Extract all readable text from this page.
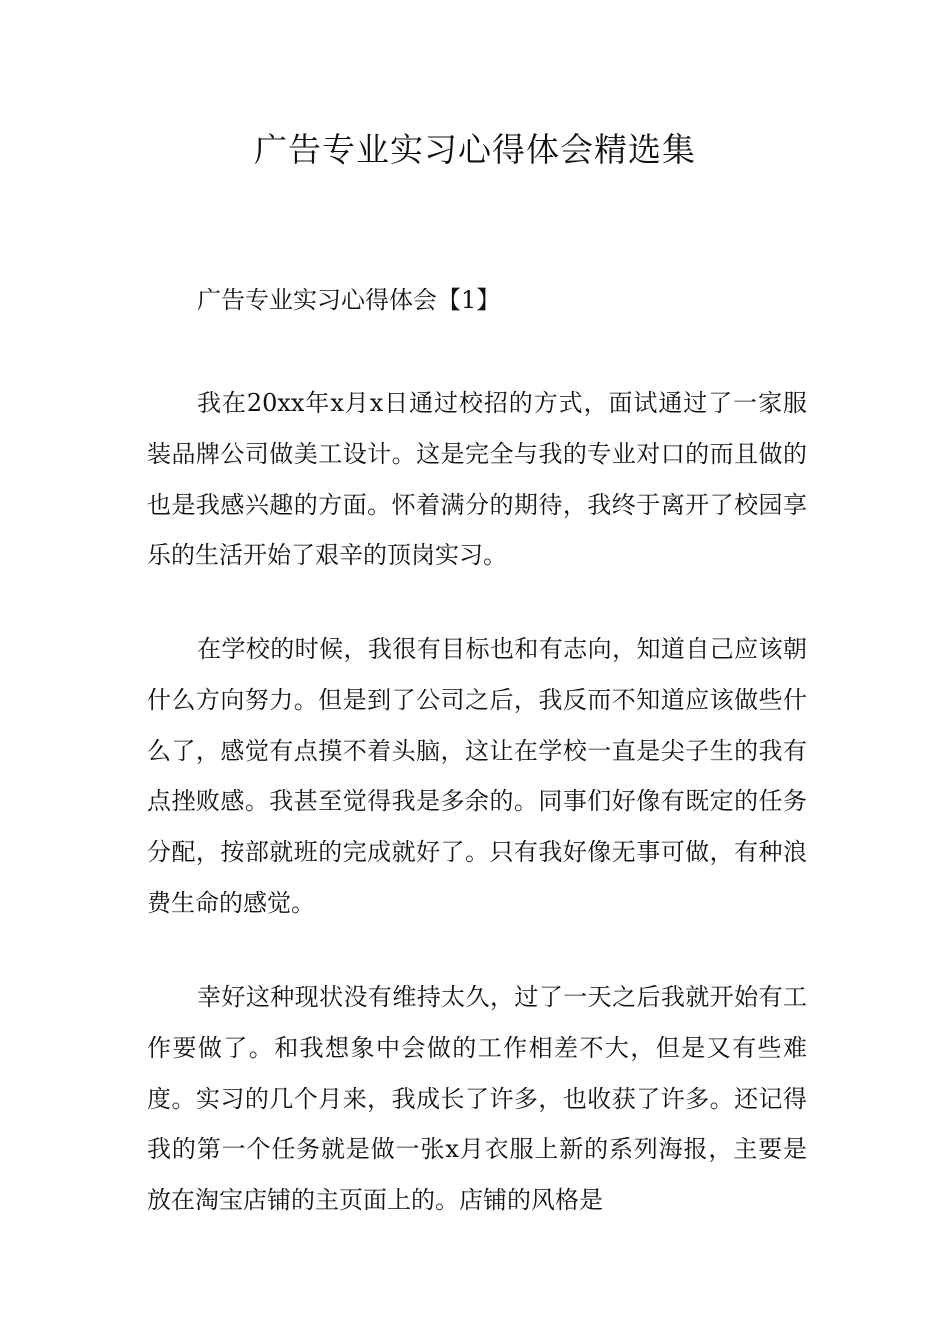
广告专业实习心得体会精选集
广告专业实习心得体会【1】

我在20xx年x月x日通过校招的方式，面试通过了一家服装品牌公司做美工设计。这是完全与我的专业对口的而且做的也是我感兴趣的方面。怀着满分的期待，我终于离开了校园享乐的生活开始了艰辛的顶岗实习。

在学校的时候，我很有目标也和有志向，知道自己应该朝什么方向努力。但是到了公司之后，我反而不知道应该做些什么了，感觉有点摸不着头脑，这让在学校一直是尖子生的我有点挫败感。我甚至觉得我是多余的。同事们好像有既定的任务分配，按部就班的完成就好了。只有我好像无事可做，有种浪费生命的感觉。

幸好这种现状没有维持太久，过了一天之后我就开始有工作要做了。和我想象中会做的工作相差不大，但是又有些难度。实习的几个月来，我成长了许多，也收获了许多。还记得我的第一个任务就是做一张x月衣服上新的系列海报，主要是放在淘宝店铺的主页面上的。店铺的风格是
